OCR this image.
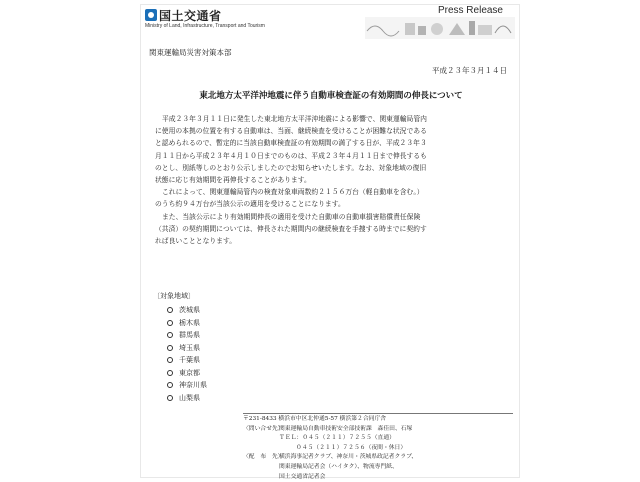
国土交通省
Ministry of Land, Infrastructure, Transport and Tourism
Press Release
関東運輸局災害対策本部
平成２３年３月１４日
東北地方太平洋沖地震に伴う自動車検査証の有効期間の伸長について
平成２３年３月１１日に発生した東北地方太平洋沖地震による影響で、関東運輸局管内
に使用の本拠の位置を有する自動車は、当面、継続検査を受けることが困難な状況である
と認められるので、暫定的に当該自動車検査証の有効期間の満了する日が、平成２３年３
月１１日から平成２３年４月１０日までのものは、平成２３年４月１１日まで伸長するも
のとし、別紙等しのとおり公示しましたのでお知らせいたします。なお、対象地域の復旧
状態に応じ有効期間を再伸長することがあります。
これによって、関東運輸局管内の検査対象車両数約２１５６万台（軽自動車を含む。）
のうち約９４万台が当該公示の適用を受けることになります。
また、当該公示により有効期間伸長の適用を受けた自動車の自動車損害賠償責任保険
（共済）の契約期間については、伸長された期間内の継続検査を手捜する時までに契約す
れば良いこととなります。
〔対象地域〕
茨城県
栃木県
群馬県
埼玉県
千葉県
東京都
神奈川県
山梨県
〒231-8433 横浜市中区北仲通5-57 横浜第２合同庁舎
〈問い合せ先〉
関東運輸局自動車技術安全部技術課　森佳田、石塚
ＴＥＬ：０４５（２１１）７２５５（直通）
０４５（２１１）７２５６（夜間・休日）
〈配　布　先〉
横浜海事記者クラブ、神奈川・茨城県政記者クラブ、
関東運輸局記者会（ハイタク）、物流専門紙、
国土交通省記者会
